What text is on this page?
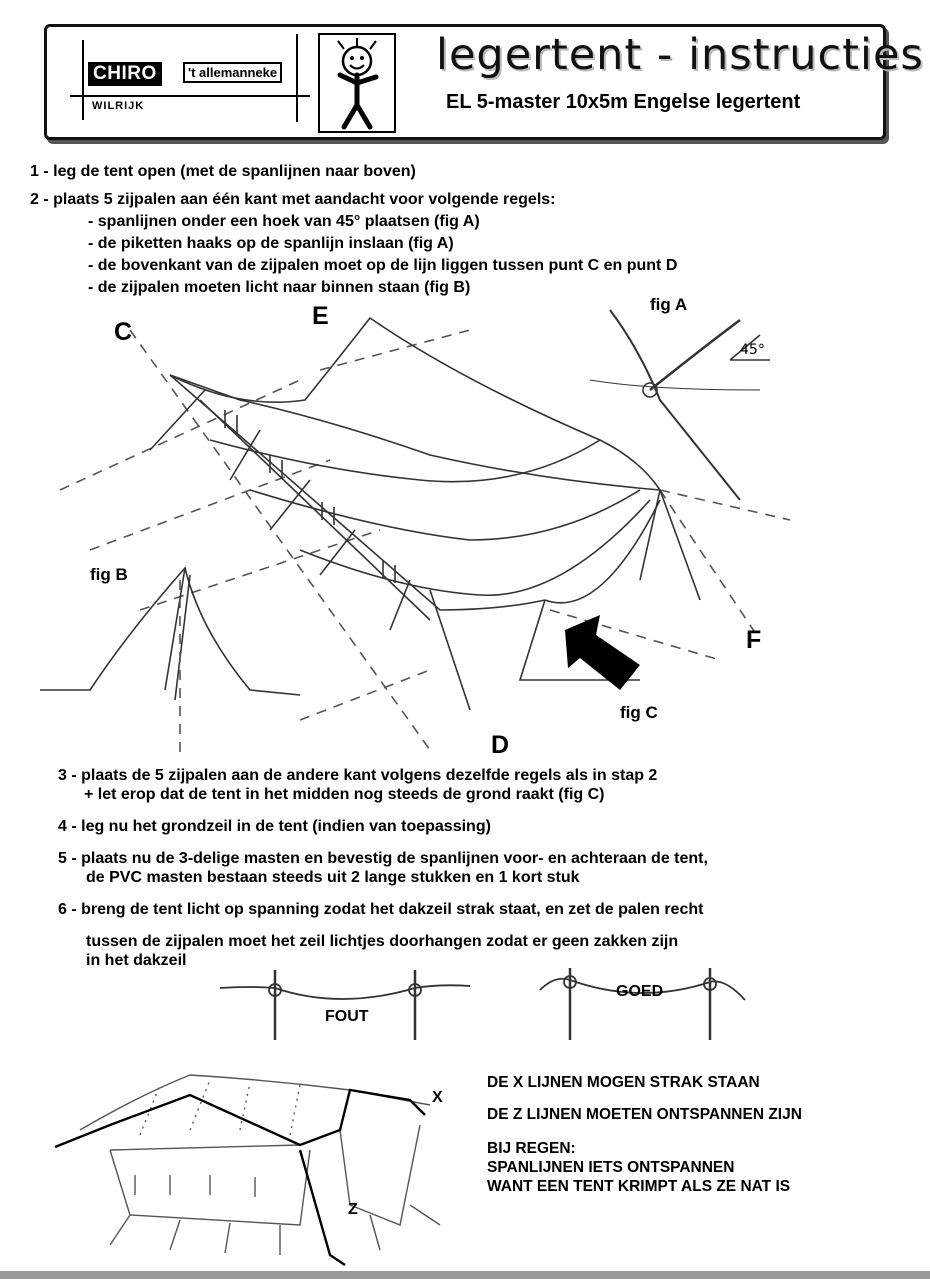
CHIRO	't allemanneke
WILRIJK
legertent - instructies
EL 5-master 10x5m Engelse legertent
1 - leg de tent open (met de spanlijnen naar boven)
2 - plaats 5 zijpalen aan één kant met aandacht voor volgende regels:
- spanlijnen onder een hoek van 45° plaatsen (fig A)
- de piketten haaks op de spanlijn inslaan (fig A)
- de bovenkant van de zijpalen moet op de lijn liggen tussen punt C en punt D
- de zijpalen moeten licht naar binnen staan (fig B)
C
E
F
D
fig A
45°
fig B
fig C
3 - plaats de 5 zijpalen aan de andere kant volgens dezelfde regels als in stap 2
+ let erop dat de tent in het midden nog steeds de grond raakt (fig C)
4 - leg nu het grondzeil in de tent (indien van toepassing)
5 - plaats nu de 3-delige masten en bevestig de spanlijnen voor- en achteraan de tent,
de PVC masten bestaan steeds uit 2 lange stukken en 1 kort stuk
6 - breng de tent licht op spanning zodat het dakzeil strak staat, en zet de palen recht
tussen de zijpalen moet het zeil lichtjes doorhangen zodat er geen zakken zijn
in het dakzeil
FOUT
GOED
X
Z
DE X LIJNEN MOGEN STRAK STAAN
DE Z LIJNEN MOETEN ONTSPANNEN ZIJN
BIJ REGEN:
SPANLIJNEN IETS ONTSPANNEN
WANT EEN TENT KRIMPT ALS ZE NAT IS
